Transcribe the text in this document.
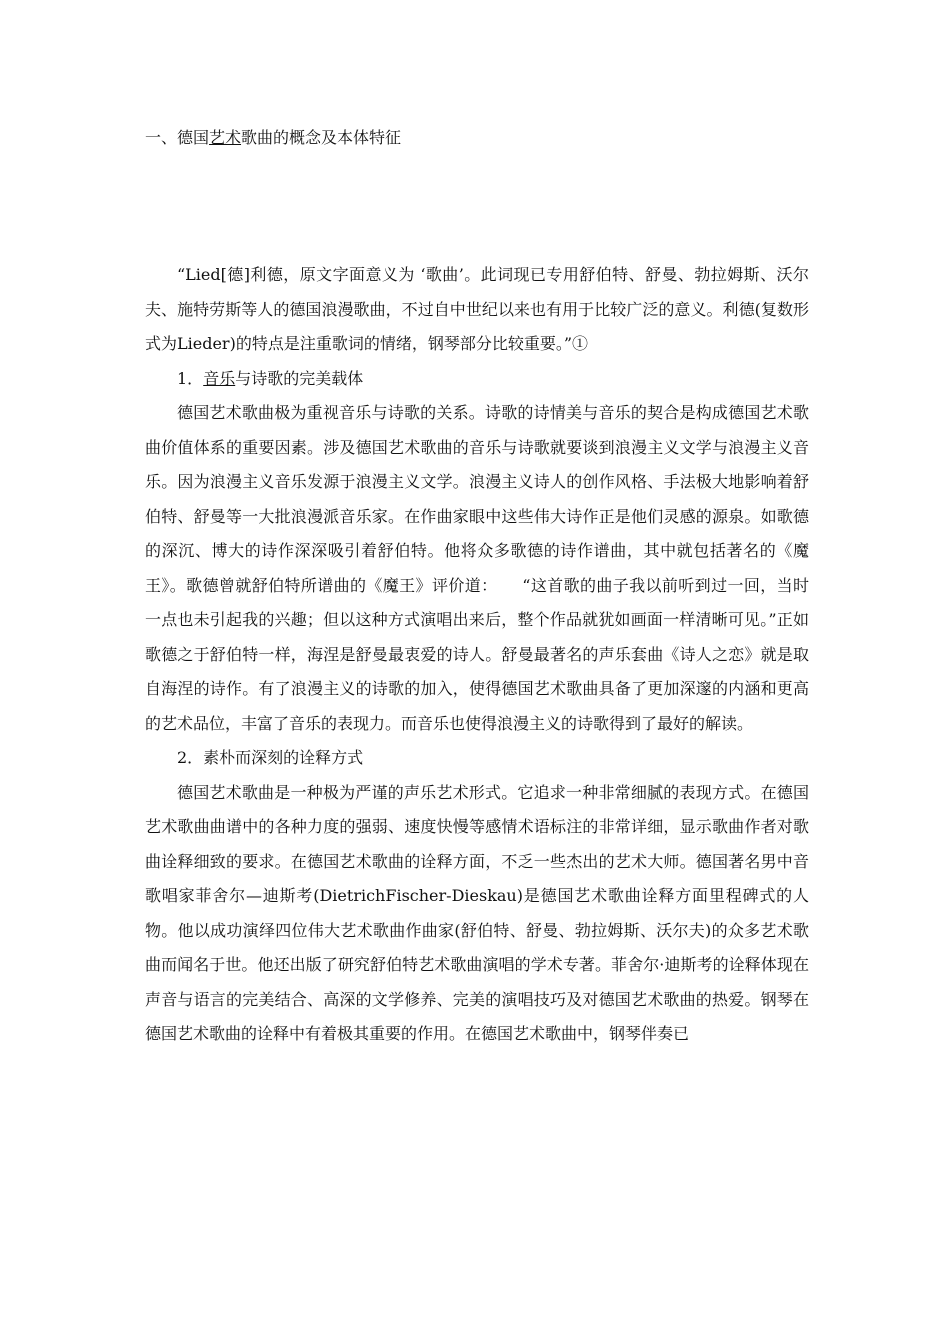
一、德国艺术歌曲的概念及本体特征

“Lied[德]利德，原文字面意义为 ‘歌曲’。此词现已专用舒伯特、舒曼、勃拉姆斯、沃尔夫、施特劳斯等人的德国浪漫歌曲，不过自中世纪以来也有用于比较广泛的意义。利德(复数形式为Lieder)的特点是注重歌词的情绪，钢琴部分比较重要。”①

1．音乐与诗歌的完美载体

德国艺术歌曲极为重视音乐与诗歌的关系。诗歌的诗情美与音乐的契合是构成德国艺术歌曲价值体系的重要因素。涉及德国艺术歌曲的音乐与诗歌就要谈到浪漫主义文学与浪漫主义音乐。因为浪漫主义音乐发源于浪漫主义文学。浪漫主义诗人的创作风格、手法极大地影响着舒伯特、舒曼等一大批浪漫派音乐家。在作曲家眼中这些伟大诗作正是他们灵感的源泉。如歌德的深沉、博大的诗作深深吸引着舒伯特。他将众多歌德的诗作谱曲，其中就包括著名的《魔王》。歌德曾就舒伯特所谱曲的《魔王》评价道：　　“这首歌的曲子我以前听到过一回，当时一点也未引起我的兴趣；但以这种方式演唱出来后，整个作品就犹如画面一样清晰可见。”正如歌德之于舒伯特一样，海涅是舒曼最衷爱的诗人。舒曼最著名的声乐套曲《诗人之恋》就是取自海涅的诗作。有了浪漫主义的诗歌的加入，使得德国艺术歌曲具备了更加深邃的内涵和更高的艺术品位，丰富了音乐的表现力。而音乐也使得浪漫主义的诗歌得到了最好的解读。

2．素朴而深刻的诠释方式

德国艺术歌曲是一种极为严谨的声乐艺术形式。它追求一种非常细腻的表现方式。在德国艺术歌曲曲谱中的各种力度的强弱、速度快慢等感情术语标注的非常详细，显示歌曲作者对歌曲诠释细致的要求。在德国艺术歌曲的诠释方面，不乏一些杰出的艺术大师。德国著名男中音歌唱家菲舍尔—迪斯考(DietrichFischer-Dieskau)是德国艺术歌曲诠释方面里程碑式的人物。他以成功演绎四位伟大艺术歌曲作曲家(舒伯特、舒曼、勃拉姆斯、沃尔夫)的众多艺术歌曲而闻名于世。他还出版了研究舒伯特艺术歌曲演唱的学术专著。菲舍尔·迪斯考的诠释体现在声音与语言的完美结合、高深的文学修养、完美的演唱技巧及对德国艺术歌曲的热爱。钢琴在德国艺术歌曲的诠释中有着极其重要的作用。在德国艺术歌曲中，钢琴伴奏已
